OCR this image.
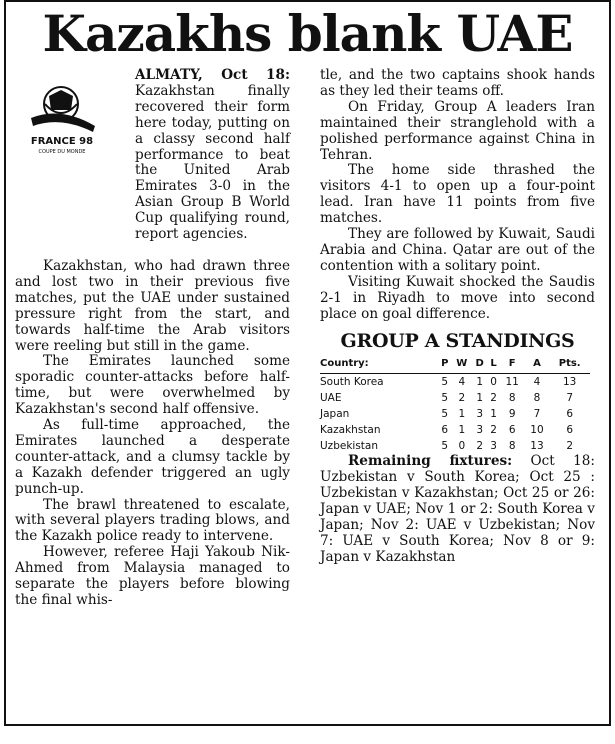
Kazakhs blank UAE
FRANCE 98
COUPE DU MONDE

ALMATY, Oct 18: Kazakhstan finally recovered their form here today, putting on a classy second half performance to beat the United Arab Emirates 3-0 in the Asian Group B World Cup qualifying round, report agencies.

Kazakhstan, who had drawn three and lost two in their previous five matches, put the UAE under sustained pressure right from the start, and towards half-time the Arab visitors were reeling but still in the game.

The Emirates launched some sporadic counter-attacks before half-time, but were overwhelmed by Kazakhstan's second half offensive.

As full-time approached, the Emirates launched a desperate counter-attack, and a clumsy tackle by a Kazakh defender triggered an ugly punch-up.

The brawl threatened to escalate, with several players trading blows, and the Kazakh police ready to intervene.

However, referee Haji Yakoub Nik-Ahmed from Malaysia managed to separate the players before blowing the final whis-

tle, and the two captains shook hands as they led their teams off.

On Friday, Group A leaders Iran maintained their stranglehold with a polished performance against China in Tehran.

The home side thrashed the visitors 4-1 to open up a four-point lead. Iran have 11 points from five matches.

They are followed by Kuwait, Saudi Arabia and China. Qatar are out of the contention with a solitary point.

Visiting Kuwait shocked the Saudis 2-1 in Riyadh to move into second place on goal difference.

GROUP A STANDINGS
Country:	P	W	D	L	F	A	Pts.
South Korea	5	4	1	0	11	4	13
UAE	5	2	1	2	8	8	7
Japan	5	1	3	1	9	7	6
Kazakhstan	6	1	3	2	6	10	6
Uzbekistan	5	0	2	3	8	13	2

Remaining fixtures: Oct 18: Uzbekistan v South Korea; Oct 25 : Uzbekistan v Kazakhstan; Oct 25 or 26: Japan v UAE; Nov 1 or 2: South Korea v Japan; Nov 2: UAE v Uzbekistan; Nov 7: UAE v South Korea; Nov 8 or 9: Japan v Kazakhstan
